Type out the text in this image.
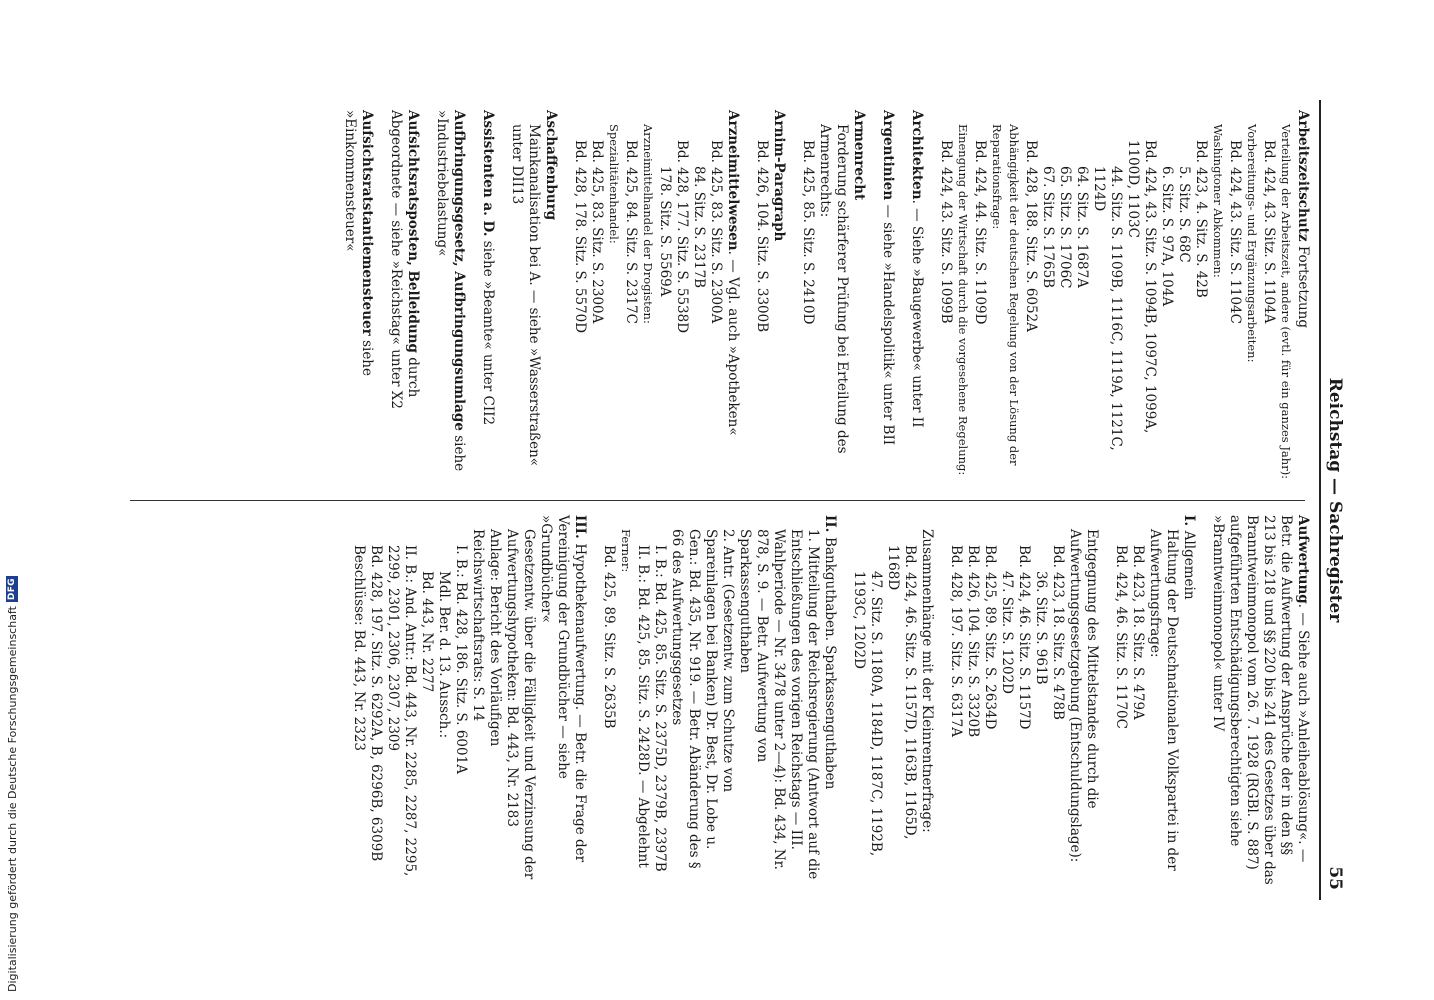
Digitalisierung gefördert durch die Deutsche Forschungsgemeinschaft
DFG	Reichstag — Sachregister
55
Arbeitszeitschutz Fortsetzung
Verteilung der Arbeitszeit, andere (evtl. für ein ganzes Jahr):
Bd. 424, 43. Sitz. S. 1104A
Vorbereitungs- und Ergänzungsarbeiten:
Bd. 424, 43. Sitz. S. 1104C
Washingtoner Abkommen:
Bd. 423, 4. Sitz. S. 42B
5. Sitz. S. 68C
6. Sitz. S. 97A, 104A
Bd. 424, 43. Sitz. S. 1094B, 1097C, 1099A, 1100D, 1103C
44. Sitz. S. 1109B, 1116C, 1119A, 1121C, 1124D
64. Sitz. S. 1687A
65. Sitz. S. 1706C
67. Sitz. S. 1765B
Bd. 428, 188. Sitz. S. 6052A
Abhängigkeit der deutschen Regelung von der Lösung der Reparationsfrage:
Bd. 424, 44. Sitz. S. 1109D
Einengung der Wirtschaft durch die vorgesehene Regelung:
Bd. 424, 43. Sitz. S. 1099B
Architekten. — Siehe »Baugewerbe« unter II
Argentinien — siehe »Handelspolitik« unter BII
Armenrecht
Forderung schärferer Prüfung bei Erteilung des Armenrechts:
Bd. 425, 85. Sitz. S. 2410D
Arnim-Paragraph
Bd. 426, 104. Sitz. S. 3300B
Arzneimittelwesen. — Vgl. auch »Apotheken«
Bd. 425, 83. Sitz. S. 2300A
84. Sitz. S. 2317B
Bd. 428, 177. Sitz. S. 5538D
178. Sitz. S. 5569A
Arzneimittelhandel der Drogisten:
Bd. 425, 84. Sitz. S. 2317C
Spezialitätenhandel:
Bd. 425, 83. Sitz. S. 2300A
Bd. 428, 178. Sitz. S. 5570D
Aschaffenburg
Mainkanalisation bei A. — siehe »Wasserstraßen« unter DII13
Assistenten a. D. siehe »Beamte« unter CII2
Aufbringungsgesetz, Aufbringungsumlage siehe »Industriebelastung«
Aufsichtsratsposten, Belleidung durch Abgeordnete — siehe »Reichstag« unter X2
Aufsichtsratstantiemensteuer siehe »Einkommensteuer«
Aufwertung. — Siehe auch »Anleiheablösung«. — Betr. die Aufwertung der Ansprüche der in den §§ 213 bis 218 und §§ 220 bis 241 des Gesetzes über das Branntweinmonopol vom 26. 7. 1928 (RGBl. S. 887) aufgeführten Entschädigungsberechtigten siehe »Branntweinmonopol« unter IV
I. Allgemein
Haltung der Deutschnationalen Volkspartei in der Aufwertungsfrage:
Bd. 423, 18. Sitz. S. 479A
Bd. 424, 46. Sitz. S. 1170C
Entgegnung des Mittelstandes durch die Aufwertungsgesetzgebung (Entschuldungslage):
Bd. 423, 18. Sitz. S. 478B
36. Sitz. S. 961B
Bd. 424, 46. Sitz. S. 1157D
47. Sitz. S. 1202D
Bd. 425, 89. Sitz. S. 2634D
Bd. 426, 104. Sitz. S. 3320B
Bd. 428, 197. Sitz. S. 6317A
Zusammenhänge mit der Kleinrentnerfrage:
Bd. 424, 46. Sitz. S. 1157D, 1163B, 1165D, 1168D
47. Sitz. S. 1180A, 1184D, 1187C, 1192B, 1193C, 1202D
II. Bankguthaben. Sparkassenguthaben
1. Mitteilung der Reichsregierung (Antwort auf die Entschließungen des vorigen Reichstags — III. Wahlperiode — Nr. 3478 unter 2—4): Bd. 434, Nr. 878, S. 9. — Betr. Aufwertung von Sparkassenguthaben
2. Antr. (Gesetzentw. zum Schutze von Spareinlagen bei Banken) Dr. Best, Dr. Lobe u. Gen.: Bd. 435, Nr. 919. — Betr. Abänderung des § 66 des Aufwertungsgesetzes
I. B.: Bd. 425, 85. Sitz. S. 2375D, 2379B, 2397B
II. B.: Bd. 425, 85. Sitz. S. 2428D. — Abgelehnt
Ferner:
Bd. 425, 89. Sitz. S. 2635B
III. Hypothekenaufwertung. — Betr. die Frage der Vereinigung der Grundbücher — siehe »Grundbücher«
Gesetzentw. über die Fälligkeit und Verzinsung der Aufwertungshypotheken: Bd. 443, Nr. 2183
Anlage: Bericht des Vorläufigen Reichswirtschaftsrats: S. 14
I. B.: Bd. 428, 186. Sitz. S. 6001A
Mdl. Ber. d. 13. Aussch.:
Bd. 443, Nr. 2277
II. B.: And. Antr.: Bd. 443, Nr. 2285, 2287, 2295, 2299, 2301, 2306, 2307, 2309
Bd. 428, 197. Sitz. S. 6292A, B, 6296B, 6309B
Beschlüsse: Bd. 443, Nr. 2323
